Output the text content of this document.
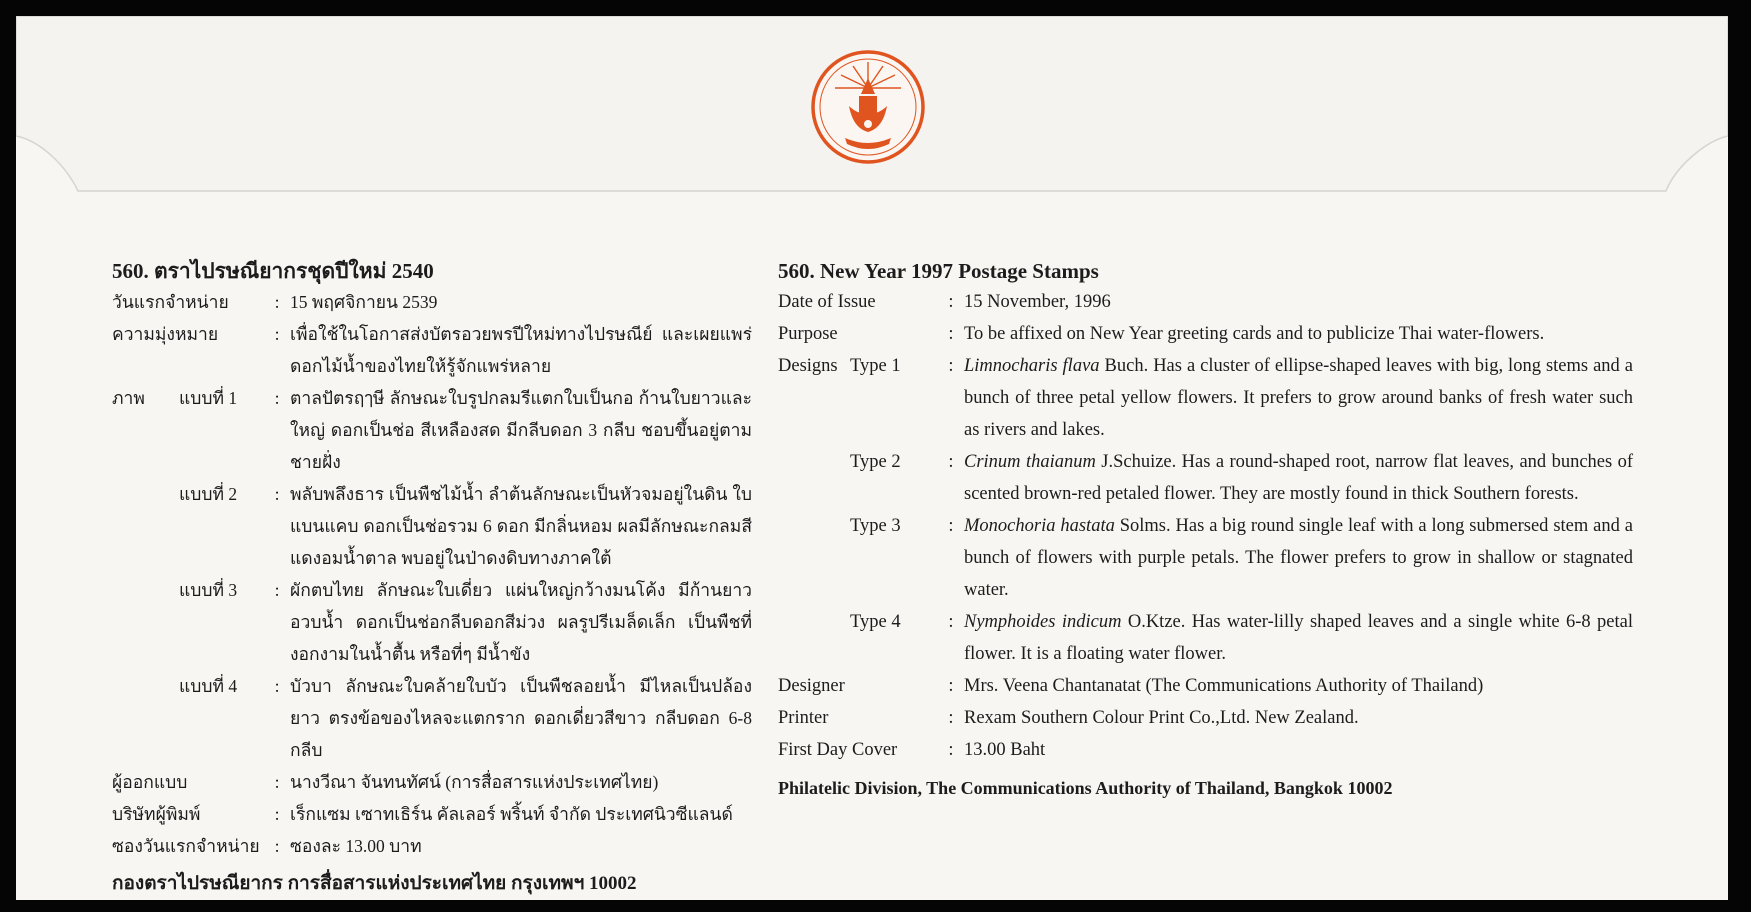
560. ตราไปรษณียากรชุดปีใหม่ 2540
วันแรกจำหน่าย	: 15 พฤศจิกายน 2539
ความมุ่งหมาย	: เพื่อใช้ในโอกาสส่งบัตรอวยพรปีใหม่ทางไปรษณีย์ และเผยแพร่ดอกไม้น้ำของไทยให้รู้จักแพร่หลาย
ภาพ	แบบที่ 1	: ตาลปัตรฤๅษี ลักษณะใบรูปกลมรีแตกใบเป็นกอ ก้านใบยาวและใหญ่ ดอกเป็นช่อ สีเหลืองสด มีกลีบดอก 3 กลีบ ชอบขึ้นอยู่ตามชายฝั่ง
แบบที่ 2	: พลับพลึงธาร เป็นพืชไม้น้ำ ลำต้นลักษณะเป็นหัวจมอยู่ในดิน ใบแบนแคบ ดอกเป็นช่อรวม 6 ดอก มีกลิ่นหอม ผลมีลักษณะกลมสีแดงอมน้ำตาล พบอยู่ในป่าดงดิบทางภาคใต้
แบบที่ 3	: ผักตบไทย ลักษณะใบเดี่ยว แผ่นใหญ่กว้างมนโค้ง มีก้านยาวอวบน้ำ ดอกเป็นช่อกลีบดอกสีม่วง ผลรูปรีเมล็ดเล็ก เป็นพืชที่งอกงามในน้ำตื้น หรือที่ๆ มีน้ำขัง
แบบที่ 4	: บัวบา ลักษณะใบคล้ายใบบัว เป็นพืชลอยน้ำ มีไหลเป็นปล้องยาว ตรงข้อของไหลจะแตกราก ดอกเดี่ยวสีขาว กลีบดอก 6-8 กลีบ
ผู้ออกแบบ	: นางวีณา จันทนทัศน์ (การสื่อสารแห่งประเทศไทย)
บริษัทผู้พิมพ์	: เร็กแซม เซาทเธิร์น คัลเลอร์ พริ้นท์ จำกัด ประเทศนิวซีแลนด์
ซองวันแรกจำหน่าย : ซองละ 13.00 บาท
กองตราไปรษณียากร การสื่อสารแห่งประเทศไทย กรุงเทพฯ 10002
560. New Year 1997 Postage Stamps
Date of Issue	: 15 November, 1996
Purpose	: To be affixed on New Year greeting cards and to publicize Thai water-flowers.
Designs Type 1	: Limnocharis flava Buch. Has a cluster of ellipse-shaped leaves with big, long stems and a bunch of three petal yellow flowers. It prefers to grow around banks of fresh water such as rivers and lakes.
Type 2	: Crinum thaianum J.Schuize. Has a round-shaped root, narrow flat leaves, and bunches of scented brown-red petaled flower. They are mostly found in thick Southern forests.
Type 3	: Monochoria hastata Solms. Has a big round single leaf with a long submersed stem and a bunch of flowers with purple petals. The flower prefers to grow in shallow or stagnated water.
Type 4	: Nymphoides indicum O.Ktze. Has water-lilly shaped leaves and a single white 6-8 petal flower. It is a floating water flower.
Designer	: Mrs. Veena Chantanatat (The Communications Authority of Thailand)
Printer	: Rexam Southern Colour Print Co.,Ltd. New Zealand.
First Day Cover	: 13.00 Baht
Philatelic Division, The Communications Authority of Thailand, Bangkok 10002
